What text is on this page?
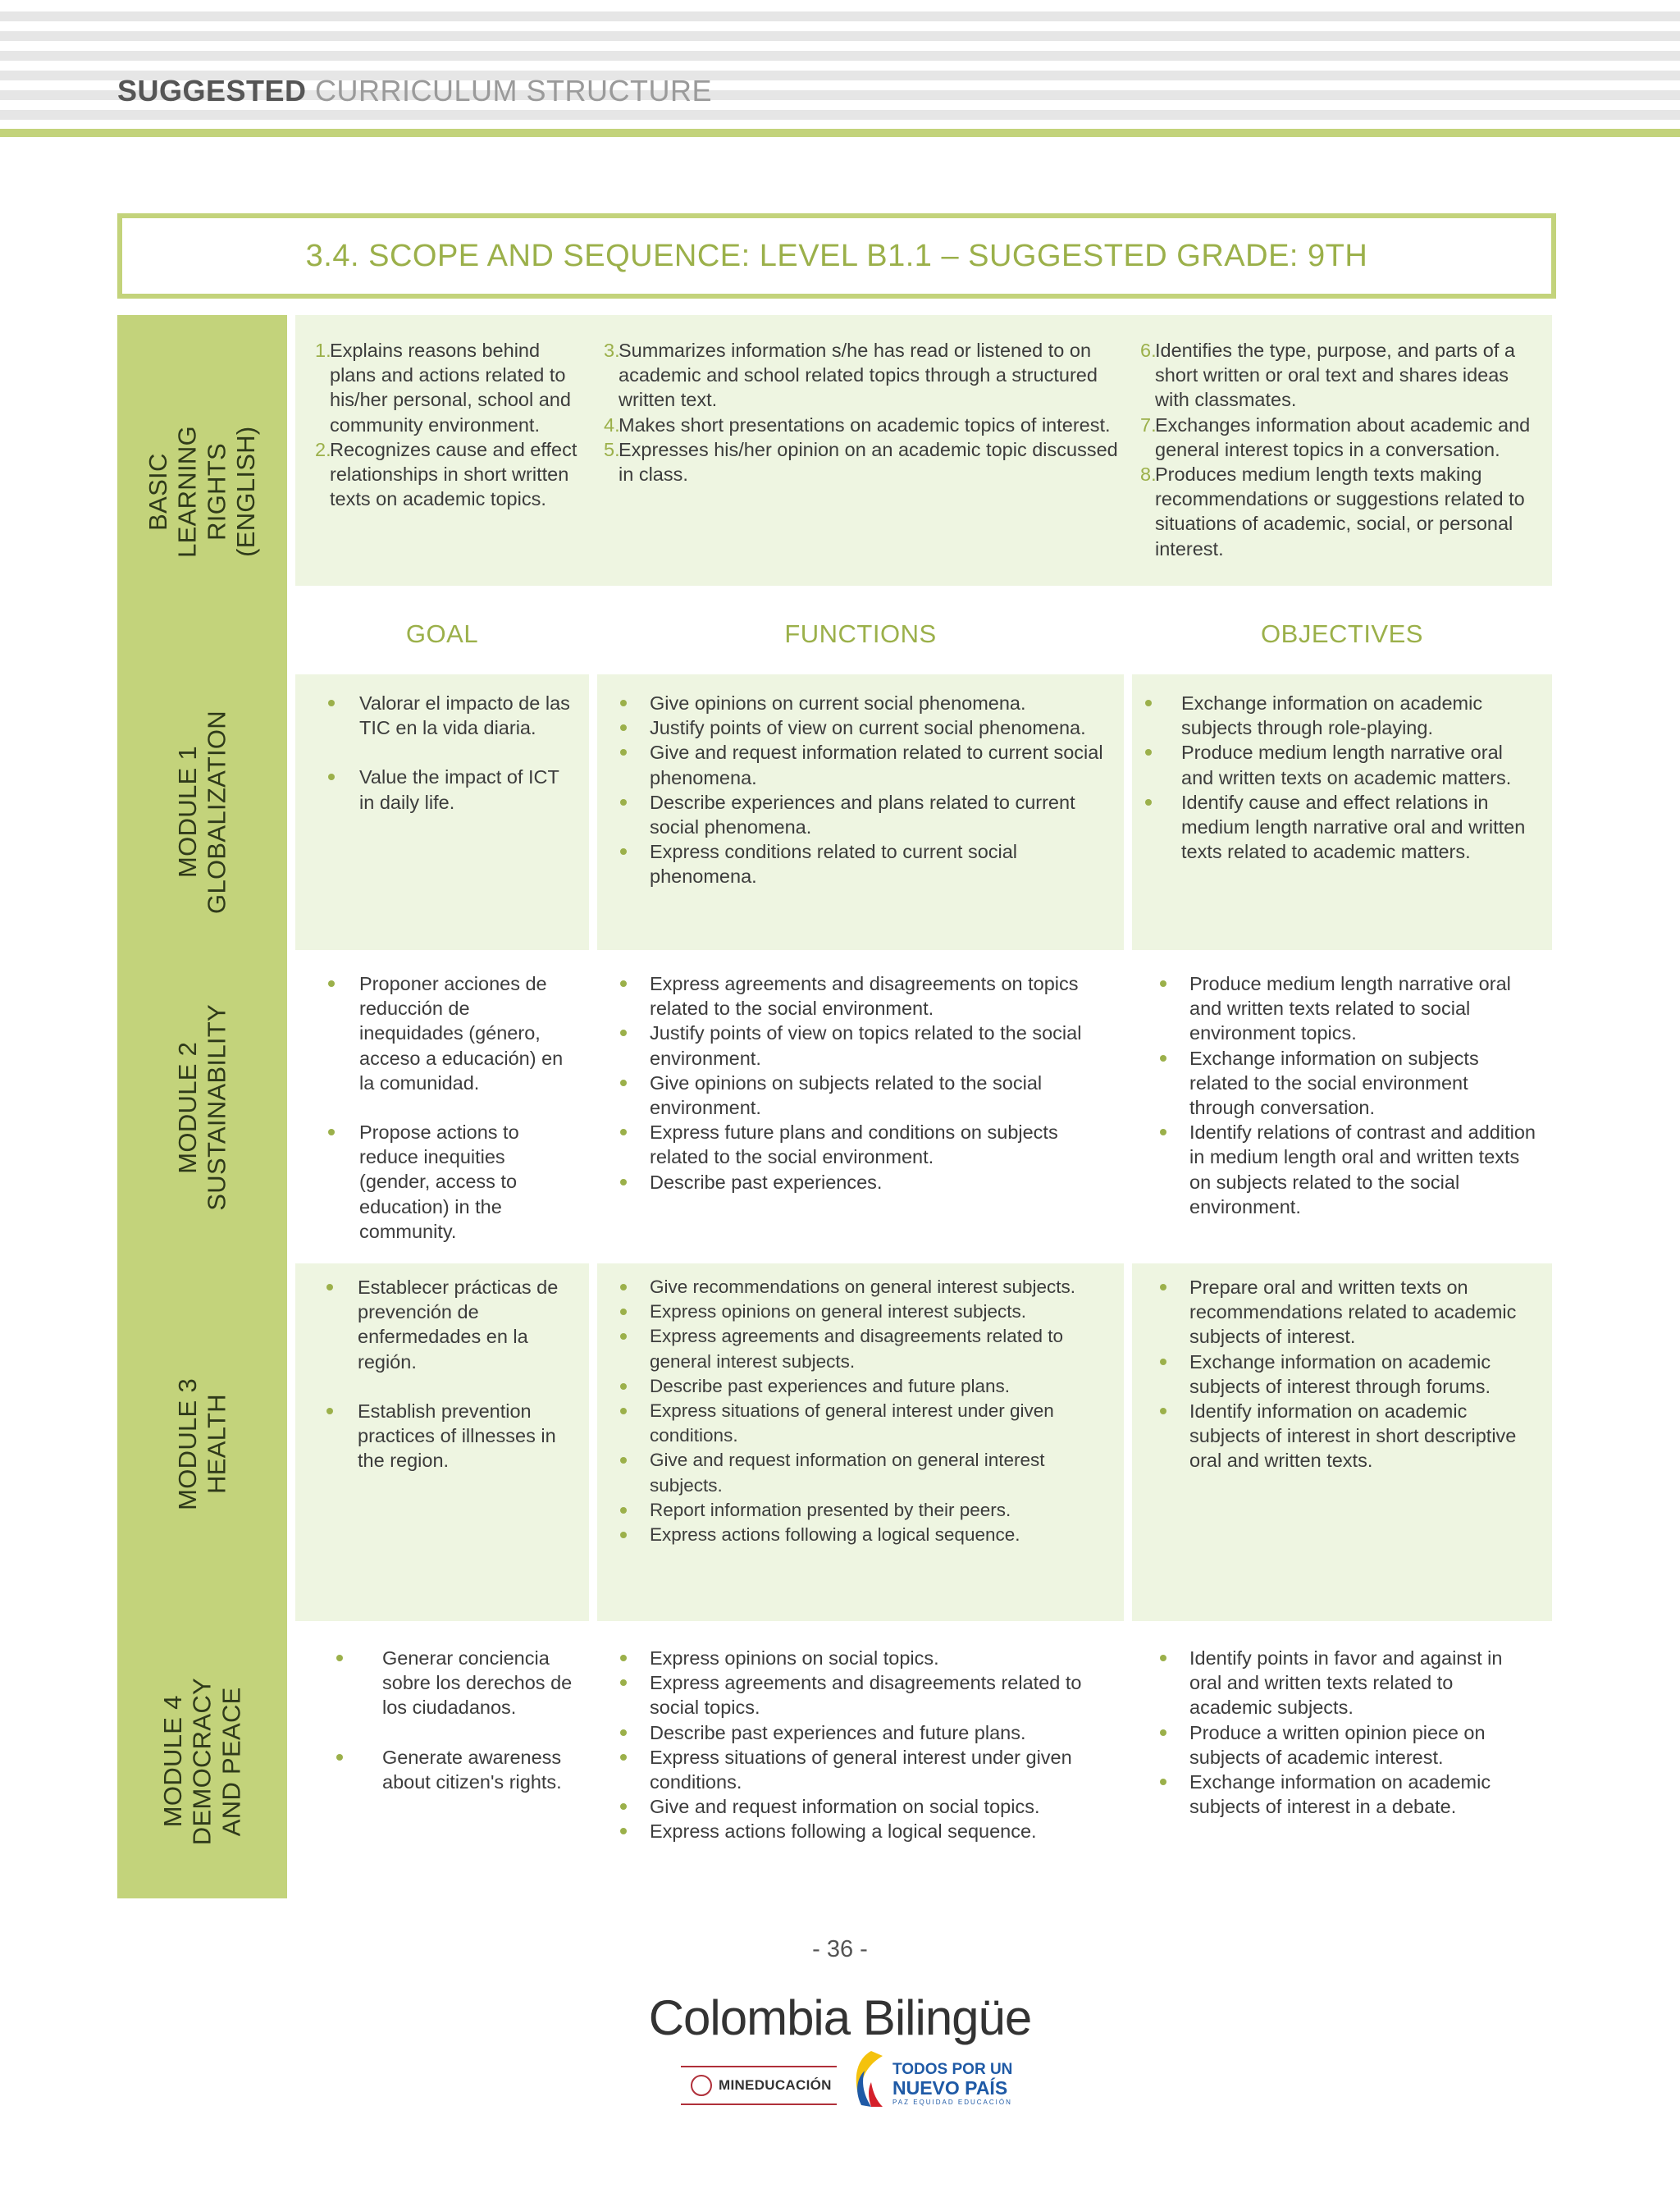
SUGGESTED CURRICULUM STRUCTURE
3.4. SCOPE AND SEQUENCE: LEVEL B1.1 – SUGGESTED GRADE: 9TH
BASIC
LEARNING
RIGHTS
(ENGLISH)
MODULE 1
GLOBALIZATION
MODULE 2
SUSTAINABILITY
MODULE 3
HEALTH
MODULE 4
DEMOCRACY
AND PEACE
1.
Explains reasons behind plans and actions related to his/her personal, school and community environment.
2.
Recognizes cause and effect relationships in short written texts on academic topics.
3.
Summarizes information s/he has read or listened to on academic and school related topics through a structured written text.
4.
Makes short presentations on academic topics of interest.
5.
Expresses his/her opinion on an academic topic discussed in class.
6.
Identifies the type, purpose, and parts of a short written or oral text and shares ideas with classmates.
7.
Exchanges information about academic and general interest topics in a conversation.
8.
Produces medium length texts making recommendations or suggestions related to situations of academic, social, or personal interest.
GOAL	FUNCTIONS	OBJECTIVES
Valorar el impacto de las TIC en la vida diaria.
Value the impact of ICT in daily life.
Give opinions on current social phenomena.
Justify points of view on current social phenomena.
Give and request information related to current social phenomena.
Describe experiences and plans related to current social phenomena.
Express conditions related to current social phenomena.
Exchange information on academic subjects through role-playing.
Produce medium length narrative oral and written texts on academic matters.
Identify cause and effect relations in medium length narrative oral and written texts related to academic matters.
Proponer acciones de reducción de inequidades (género, acceso a educación) en la comunidad.
Propose actions to reduce inequities (gender, access to education) in the community.
Express agreements and disagreements on topics related to the social environment.
Justify points of view on topics related to the social environment.
Give opinions on subjects related to the social environment.
Express future plans and conditions on subjects related to the social environment.
Describe past experiences.
Produce medium length narrative oral and written texts related to social environment topics.
Exchange information on subjects related to the social environment through conversation.
Identify relations of contrast and addition in medium length oral and written texts on subjects related to the social environment.
Establecer prácticas de prevención de enfermedades en la región.
Establish prevention practices of illnesses in the region.
Give recommendations on general interest subjects.
Express opinions on general interest subjects.
Express agreements and disagreements related to general interest subjects.
Describe past experiences and future plans.
Express situations of general interest under given conditions.
Give and request information on general interest subjects.
Report information presented by their peers.
Express actions following a logical sequence.
Prepare oral and written texts on recommendations related to academic subjects of interest.
Exchange information on academic subjects of interest through forums.
Identify information on academic subjects of interest in short descriptive oral and written texts.
Generar conciencia sobre los derechos de los ciudadanos.
Generate awareness about citizen's rights.
Express opinions on social topics.
Express agreements and disagreements related to social topics.
Describe past experiences and future plans.
Express situations of general interest under given conditions.
Give and request information on social topics.
Express actions following a logical sequence.
Identify points in favor and against in oral and written texts related to academic subjects.
Produce a written opinion piece on subjects of academic interest.
Exchange information on academic subjects of interest in a debate.
- 36 -
Colombia Bilingüe
MINEDUCACIÓN
TODOS POR UN
NUEVO PAÍS
PAZ EQUIDAD EDUCACIÓN
